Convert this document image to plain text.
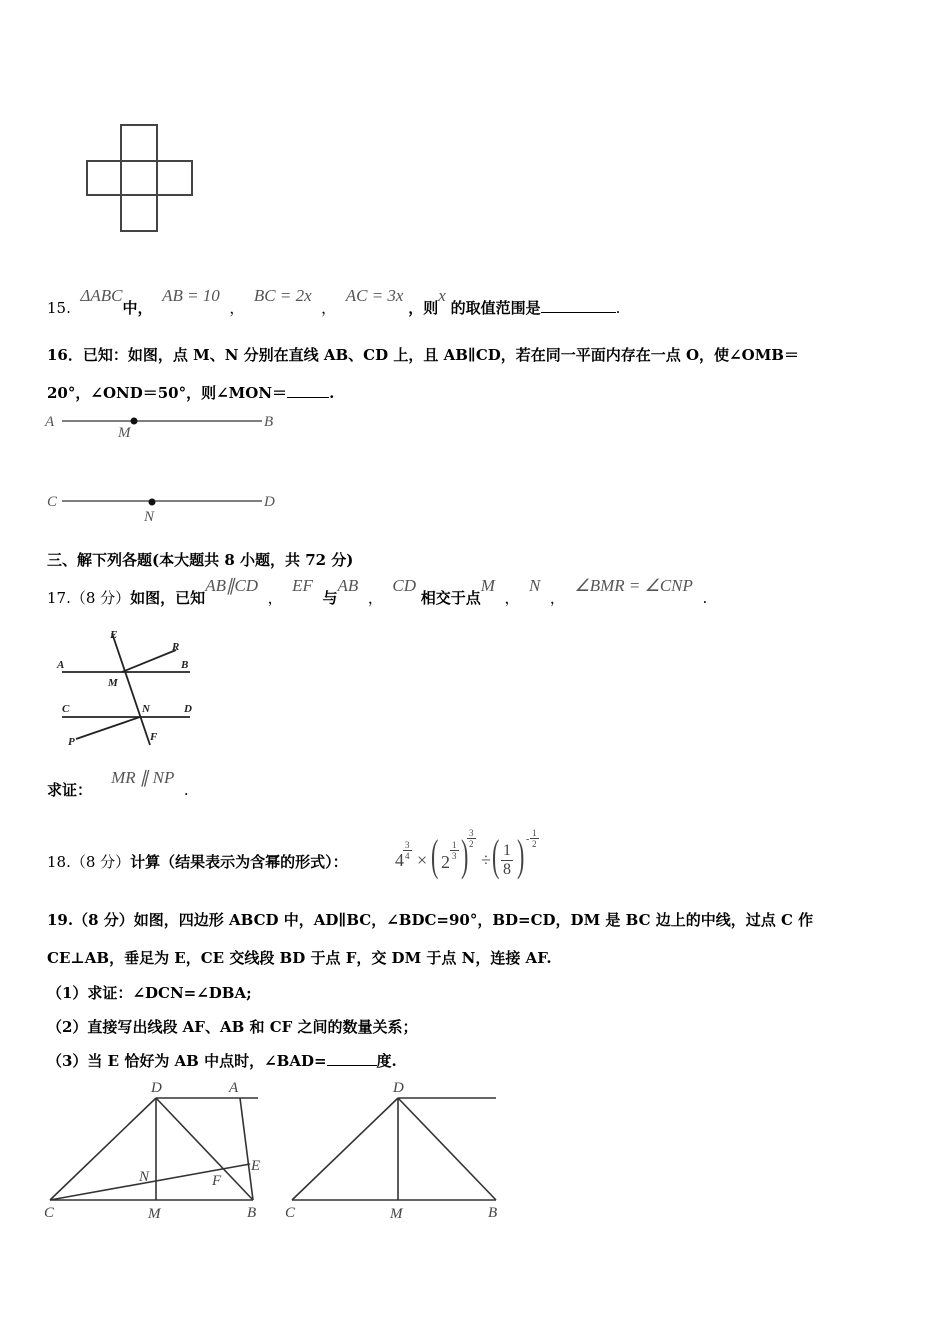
15.  ΔABC中，  AB = 10  ，  BC = 2x  ，  AC = 3x ，则x 的取值范围是	.
16．已知：如图，点 M、N 分别在直线 AB、CD 上，且 AB∥CD，若在同一平面内存在一点 O，使∠OMB＝
20°，∠OND＝50°，则∠MON＝	.
A	B
M
C	D
N
三、解下列各题(本大题共 8 小题，共 72 分)
17.（8 分）如图，已知AB∥CD  ，  EF  与AB  ，  CD 相交于点M  ，  N  ，  ∠BMR = ∠CNP  .
E
R
A	B
M
C	N	D
P	F
求证：    MR ∥ NP  .
18.（8 分）计算（结果表示为含幂的形式）：	$4 \frac{3}{4}$ × ( 2
$\frac{1}{3}$ )
$\frac{3}{2}$
÷ ( $\frac{1}{8}$ ) - $\frac{1}{2}$
19.（8 分）如图，四边形 ABCD 中，AD∥BC，∠BDC=90°，BD=CD，DM 是 BC 边上的中线，过点 C 作
CE⊥AB，垂足为 E，CE 交线段 BD 于点 F，交 DM 于点 N，连接 AF.
（1）求证：∠DCN=∠DBA;
（2）直接写出线段 AF、AB 和 CF 之间的数量关系；
（3）当 E 恰好为 AB 中点时，∠BAD=	度.
D	A
E
N	F
C	M	B
D
C	M	B
